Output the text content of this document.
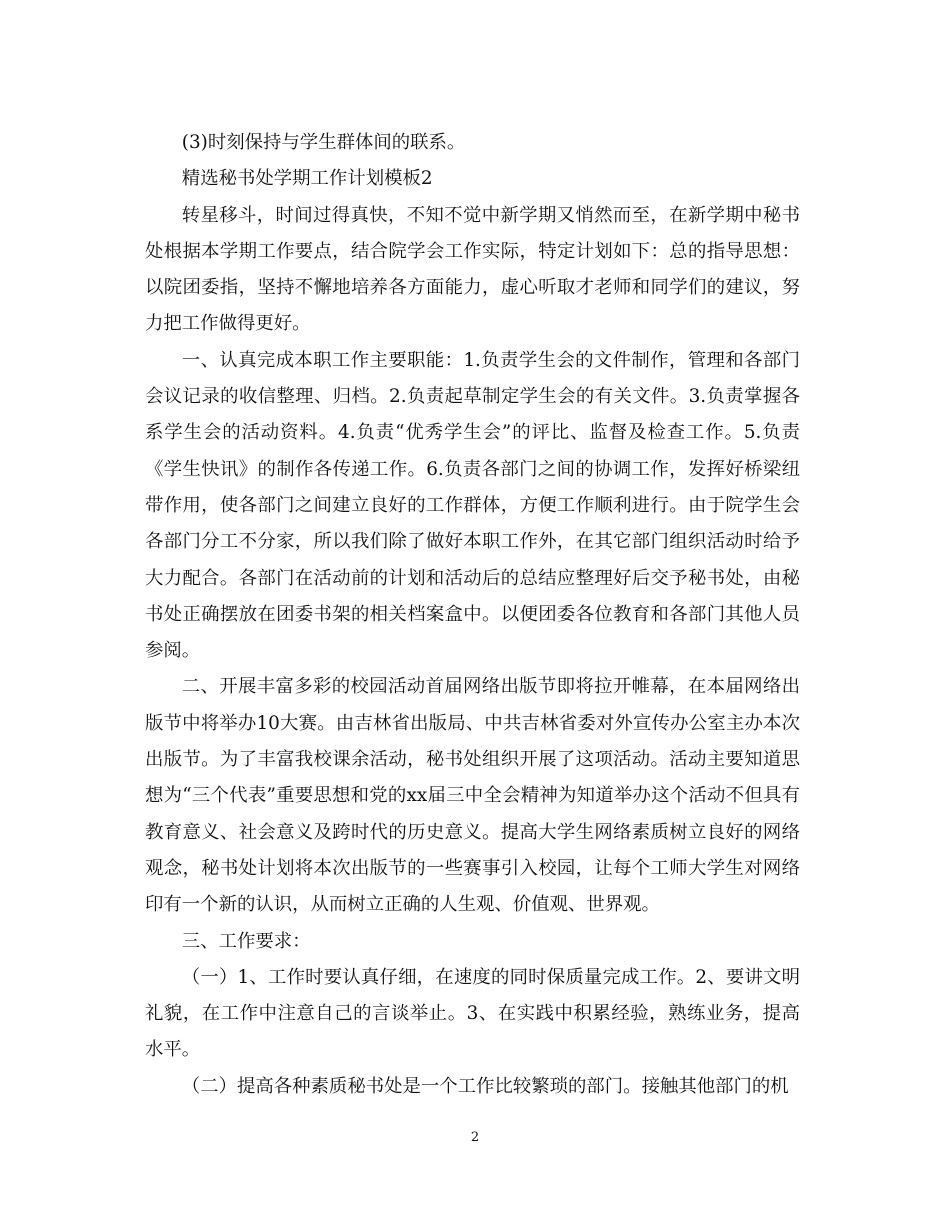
(3)时刻保持与学生群体间的联系。

精选秘书处学期工作计划模板2

转星移斗，时间过得真快，不知不觉中新学期又悄然而至，在新学期中秘书处根据本学期工作要点，结合院学会工作实际，特定计划如下：总的指导思想：以院团委指，坚持不懈地培养各方面能力，虚心听取才老师和同学们的建议，努力把工作做得更好。

一、认真完成本职工作主要职能：1.负责学生会的文件制作，管理和各部门会议记录的收信整理、归档。2.负责起草制定学生会的有关文件。3.负责掌握各系学生会的活动资料。4.负责“优秀学生会”的评比、监督及检查工作。5.负责《学生快讯》的制作各传递工作。6.负责各部门之间的协调工作，发挥好桥梁纽带作用，使各部门之间建立良好的工作群体，方便工作顺利进行。由于院学生会各部门分工不分家，所以我们除了做好本职工作外，在其它部门组织活动时给予大力配合。各部门在活动前的计划和活动后的总结应整理好后交予秘书处，由秘书处正确摆放在团委书架的相关档案盒中。以便团委各位教育和各部门其他人员参阅。

二、开展丰富多彩的校园活动首届网络出版节即将拉开帷幕，在本届网络出版节中将举办10大赛。由吉林省出版局、中共吉林省委对外宣传办公室主办本次出版节。为了丰富我校课余活动，秘书处组织开展了这项活动。活动主要知道思想为“三个代表”重要思想和党的xx届三中全会精神为知道举办这个活动不但具有教育意义、社会意义及跨时代的历史意义。提高大学生网络素质树立良好的网络观念，秘书处计划将本次出版节的一些赛事引入校园，让每个工师大学生对网络印有一个新的认识，从而树立正确的人生观、价值观、世界观。

三、工作要求：

（一）1、工作时要认真仔细，在速度的同时保质量完成工作。2、要讲文明礼貌，在工作中注意自己的言谈举止。3、在实践中积累经验，熟练业务，提高水平。

（二）提高各种素质秘书处是一个工作比较繁琐的部门。接触其他部门的机

2
